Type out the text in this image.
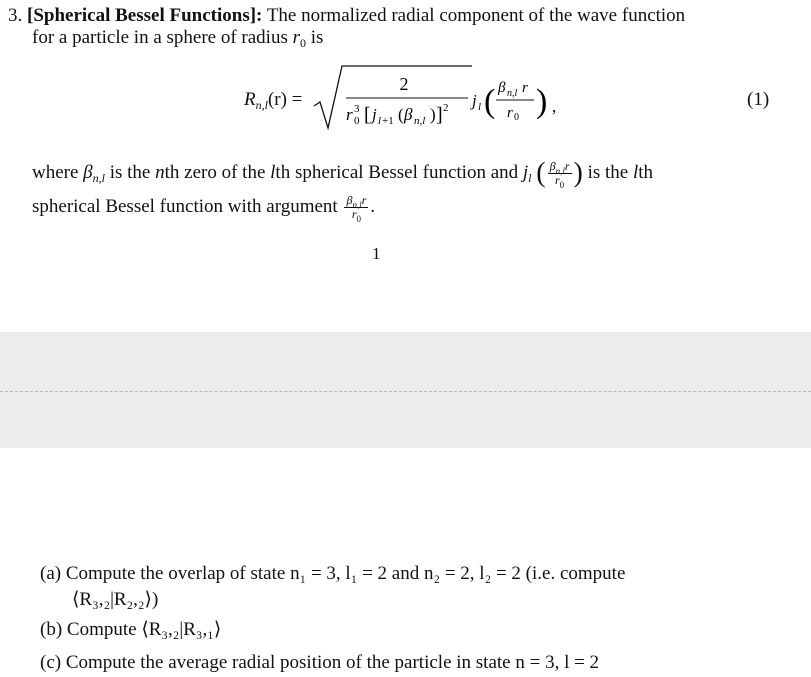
3. [Spherical Bessel Functions]: The normalized radial component of the wave function
for a particle in a sphere of radius $r_0$ is
$R_{n,l}(r)$ =
2
r 0
3 [ j l +1 ( β n,l ) ] 2 j l ( β n,l r
r 0 ) ,	(1)
where $\beta_{n,l}$ is the nth zero of the lth spherical Bessel function and $j_l$ ( $\frac{\beta_{n,l}r}{r_0}$ ) is the lth
spherical Bessel function with argument $\frac{\beta_{n,l}r}{r_0}$ .
1
(a) Compute the overlap of state n₁ = 3, l₁ = 2 and n₂ = 2, l₂ = 2 (i.e. compute
⟨R₃,₂|R₂,₂⟩)
(b) Compute ⟨R₃,₂|R₃,₁⟩
(c) Compute the average radial position of the particle in state n = 3, l = 2
